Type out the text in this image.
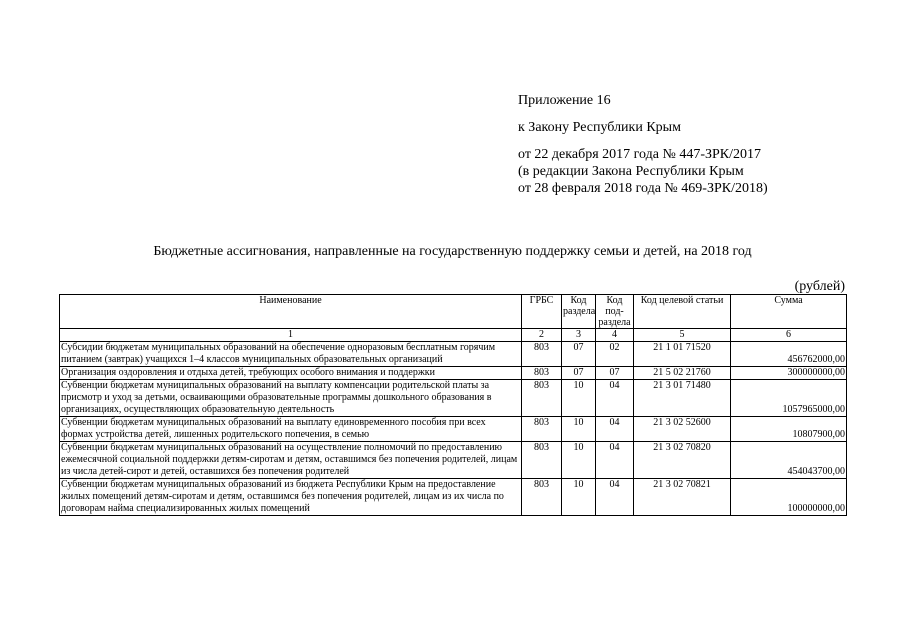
Приложение 16
к Закону Республики Крым
от 22 декабря 2017 года № 447-ЗРК/2017
(в редакции Закона Республики Крым
от 28 февраля 2018 года № 469-ЗРК/2018)
Бюджетные ассигнования, направленные на государственную поддержку семьи и детей, на 2018 год
(рублей)
Наименование	ГРБС	Код раздела	Код под-раздела	Код целевой статьи	Сумма
1	2	3	4	5	6
Субсидии бюджетам муниципальных образований на обеспечение одноразовым бесплатным горячим питанием (завтрак) учащихся 1–4 классов муниципальных образовательных организаций	803	07	02	21 1 01 71520	456762000,00
Организация оздоровления и отдыха детей, требующих особого внимания и поддержки	803	07	07	21 5 02 21760	300000000,00
Субвенции бюджетам муниципальных образований на выплату компенсации родительской платы за присмотр и уход за детьми, осваивающими образовательные программы дошкольного образования в организациях, осуществляющих образовательную деятельность	803	10	04	21 3 01 71480	1057965000,00
Субвенции бюджетам муниципальных образований на выплату единовременного пособия при всех формах устройства детей, лишенных родительского попечения, в семью	803	10	04	21 3 02 52600	10807900,00
Субвенции бюджетам муниципальных образований на осуществление полномочий по предоставлению ежемесячной социальной поддержки детям-сиротам и детям, оставшимся без попечения родителей, лицам из числа детей-сирот и детей, оставшихся без попечения родителей	803	10	04	21 3 02 70820	454043700,00
Субвенции бюджетам муниципальных образований из бюджета Республики Крым на предоставление жилых помещений детям-сиротам и детям, оставшимся без попечения родителей, лицам из их числа по договорам найма специализированных жилых помещений	803	10	04	21 3 02 70821	100000000,00
